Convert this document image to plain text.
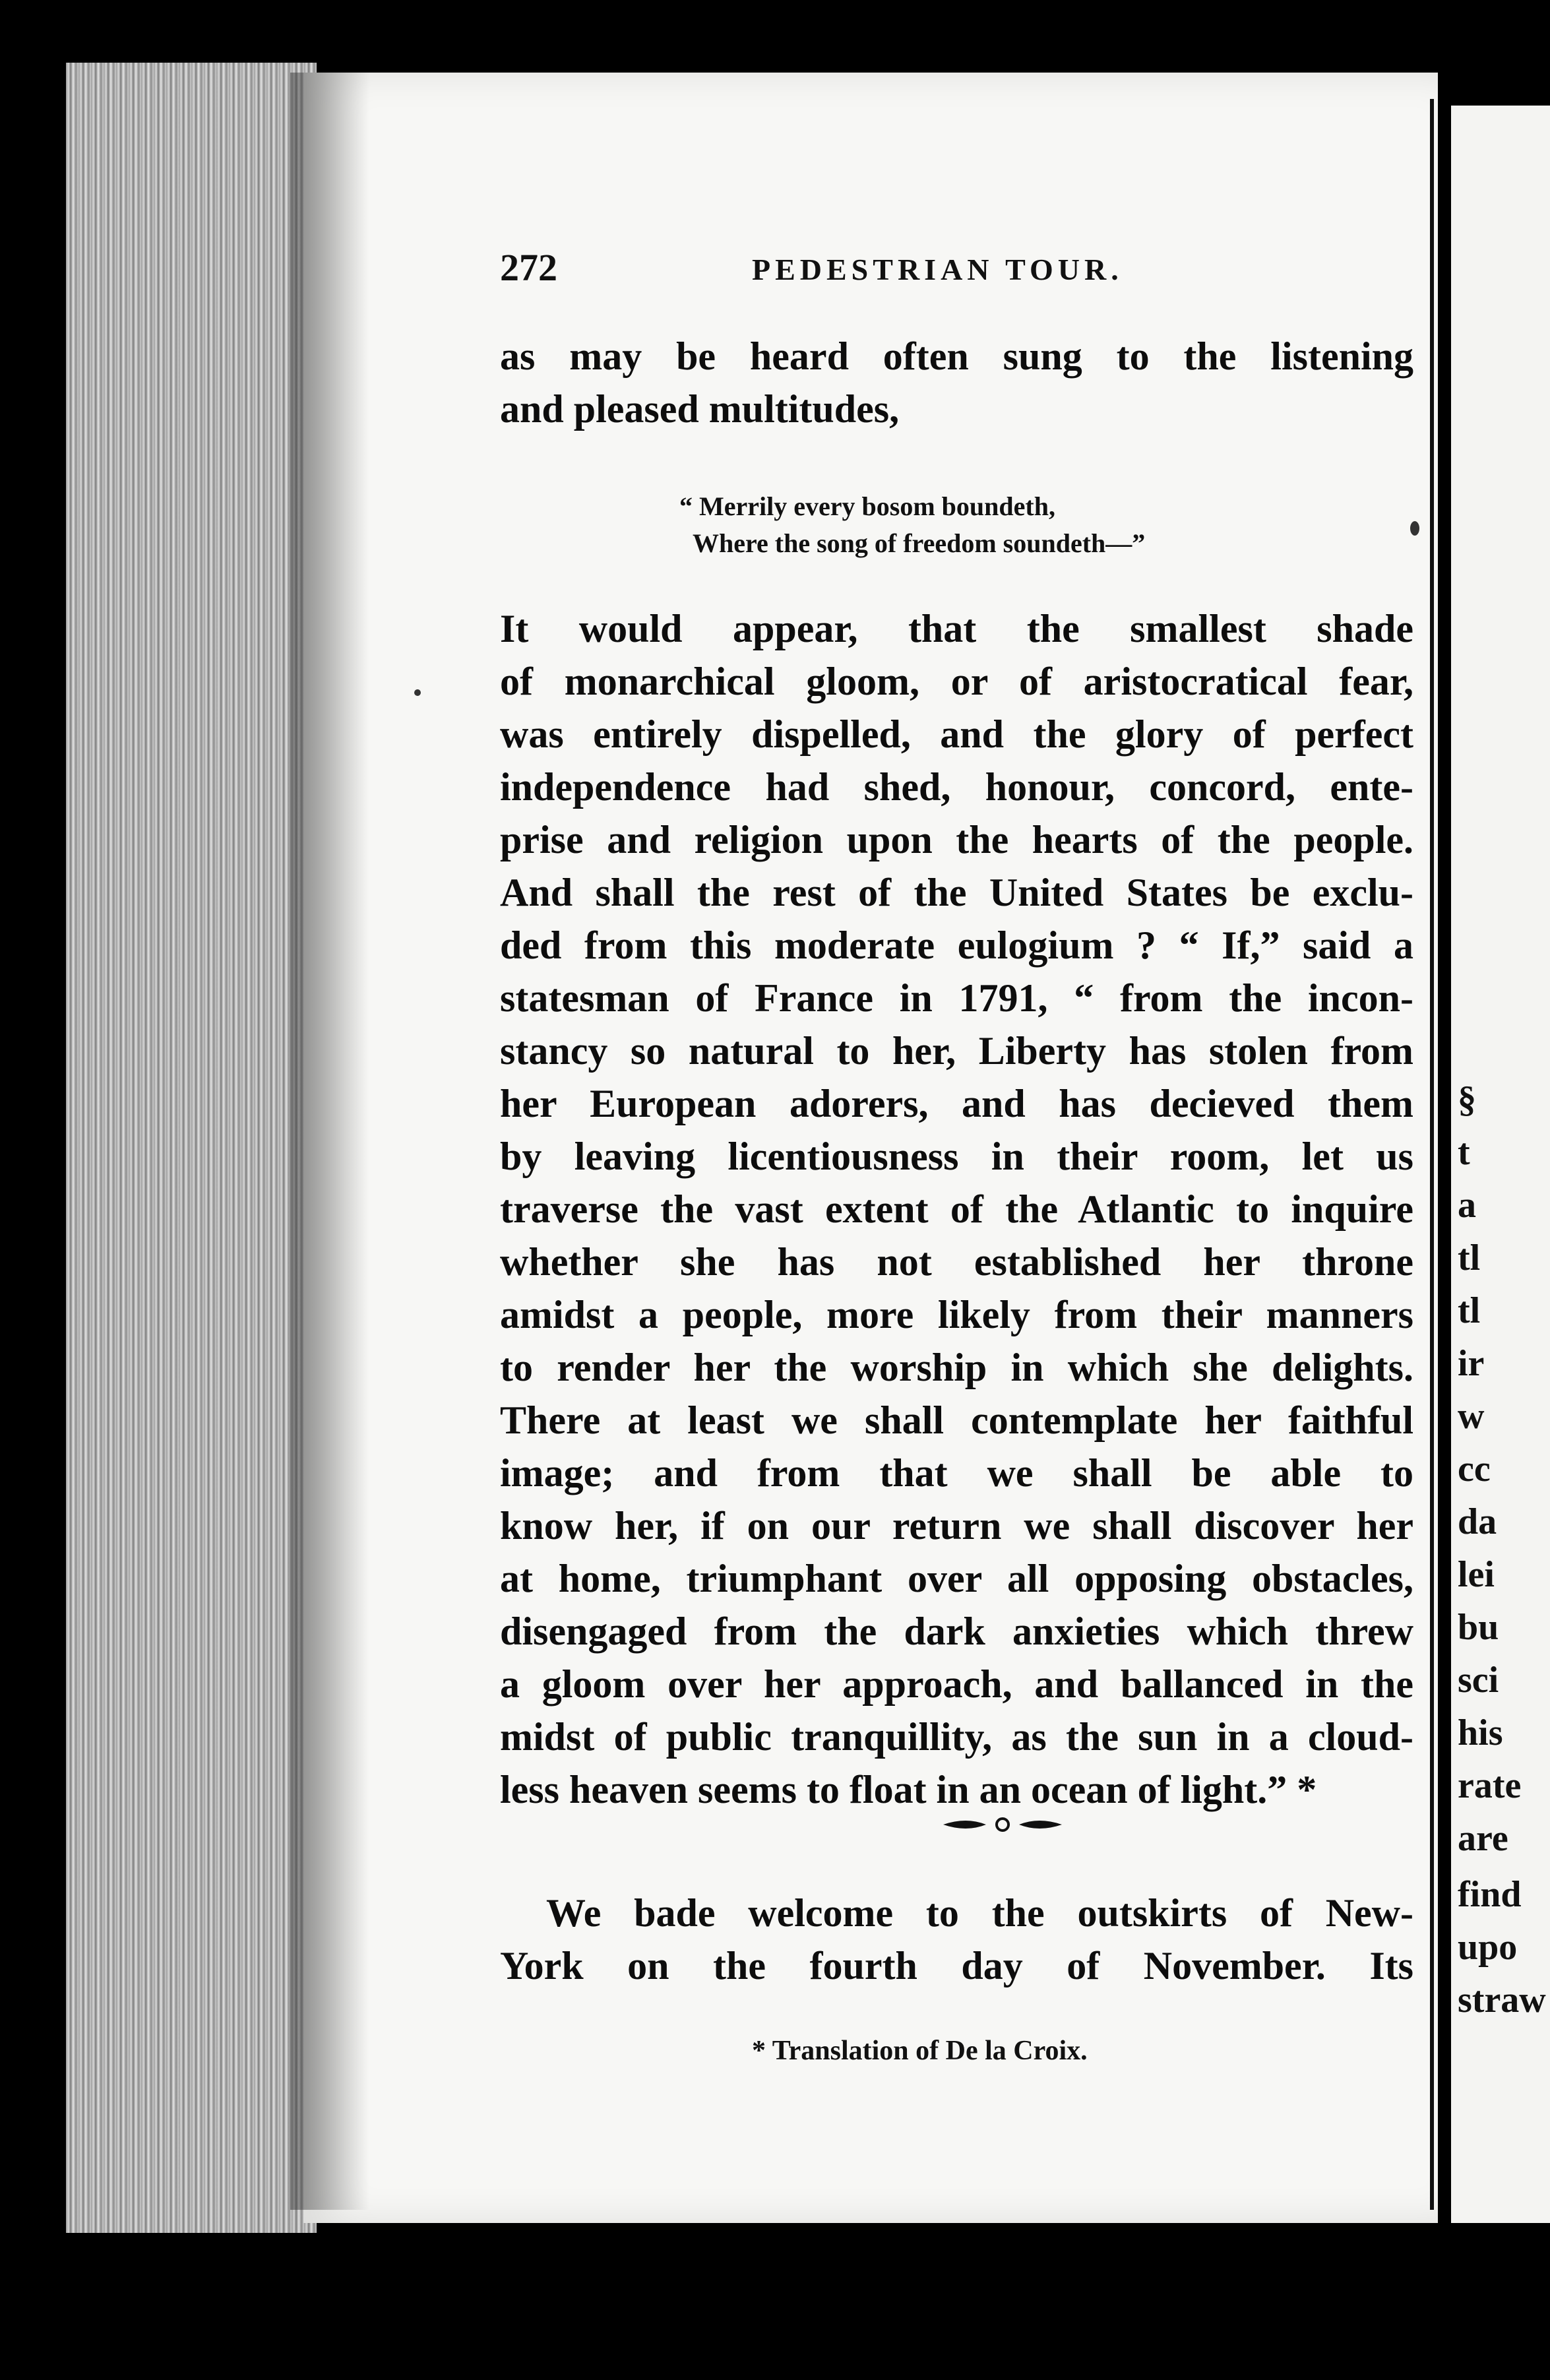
§
t
a
tl
tl
ir
w
cc
da
lei
bu
sci
his
rate
are
find
upo
straw
272	PEDESTRIAN TOUR.
as may be heard often sung to the listening
and pleased multitudes,
“ Merrily every bosom boundeth,
Where the song of freedom soundeth—”
It would appear, that the smallest shade
of monarchical gloom, or of aristocratical fear,
was entirely dispelled, and the glory of perfect
independence had shed, honour, concord, ente-
prise and religion upon the hearts of the people.
And shall the rest of the United States be exclu-
ded from this moderate eulogium ? “ If,” said a
statesman of France in 1791, “ from the incon-
stancy so natural to her, Liberty has stolen from
her European adorers, and has decieved them
by leaving licentiousness in their room, let us
traverse the vast extent of the Atlantic to inquire
whether she has not established her throne
amidst a people, more likely from their manners
to render her the worship in which she delights.
There at least we shall contemplate her faithful
image; and from that we shall be able to
know her, if on our return we shall discover her
at home, triumphant over all opposing obstacles,
disengaged from the dark anxieties which threw
a gloom over her approach, and ballanced in the
midst of public tranquillity, as the sun in a cloud-
less heaven seems to float in an ocean of light.” *
We bade welcome to the outskirts of New-
York on the fourth day of November. Its
* Translation of De la Croix.
